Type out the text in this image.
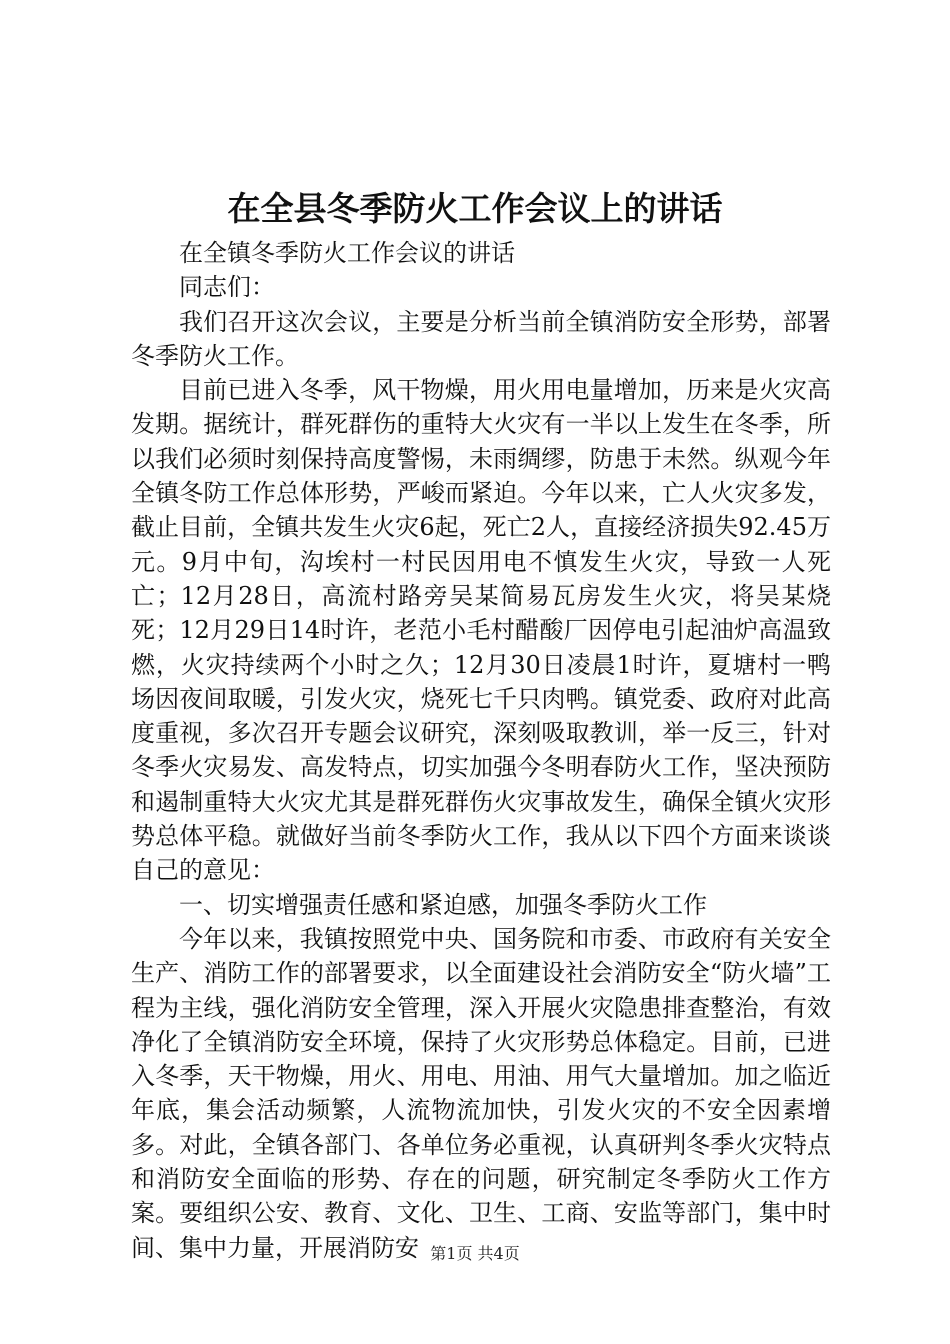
在全县冬季防火工作会议上的讲话

在全镇冬季防火工作会议的讲话

同志们：

我们召开这次会议，主要是分析当前全镇消防安全形势，部署冬季防火工作。

目前已进入冬季，风干物燥，用火用电量增加，历来是火灾高发期。据统计，群死群伤的重特大火灾有一半以上发生在冬季，所以我们必须时刻保持高度警惕，未雨绸缪，防患于未然。纵观今年全镇冬防工作总体形势，严峻而紧迫。今年以来，亡人火灾多发，截止目前，全镇共发生火灾6起，死亡2人，直接经济损失92.45万元。9月中旬，沟埃村一村民因用电不慎发生火灾，导致一人死亡；12月28日，高流村路旁吴某简易瓦房发生火灾，将吴某烧死；12月29日14时许，老范小毛村醋酸厂因停电引起油炉高温致燃，火灾持续两个小时之久；12月30日凌晨1时许，夏塘村一鸭场因夜间取暖，引发火灾，烧死七千只肉鸭。镇党委、政府对此高度重视，多次召开专题会议研究，深刻吸取教训，举一反三，针对冬季火灾易发、高发特点，切实加强今冬明春防火工作，坚决预防和遏制重特大火灾尤其是群死群伤火灾事故发生，确保全镇火灾形势总体平稳。就做好当前冬季防火工作，我从以下四个方面来谈谈自己的意见：

一、切实增强责任感和紧迫感，加强冬季防火工作

今年以来，我镇按照党中央、国务院和市委、市政府有关安全生产、消防工作的部署要求，以全面建设社会消防安全“防火墙”工程为主线，强化消防安全管理，深入开展火灾隐患排查整治，有效净化了全镇消防安全环境，保持了火灾形势总体稳定。目前，已进入冬季，天干物燥，用火、用电、用油、用气大量增加。加之临近年底，集会活动频繁，人流物流加快，引发火灾的不安全因素增多。对此，全镇各部门、各单位务必重视，认真研判冬季火灾特点和消防安全面临的形势、存在的问题，研究制定冬季防火工作方案。要组织公安、教育、文化、卫生、工商、安监等部门，集中时间、集中力量，开展消防安 第1页 共4页
